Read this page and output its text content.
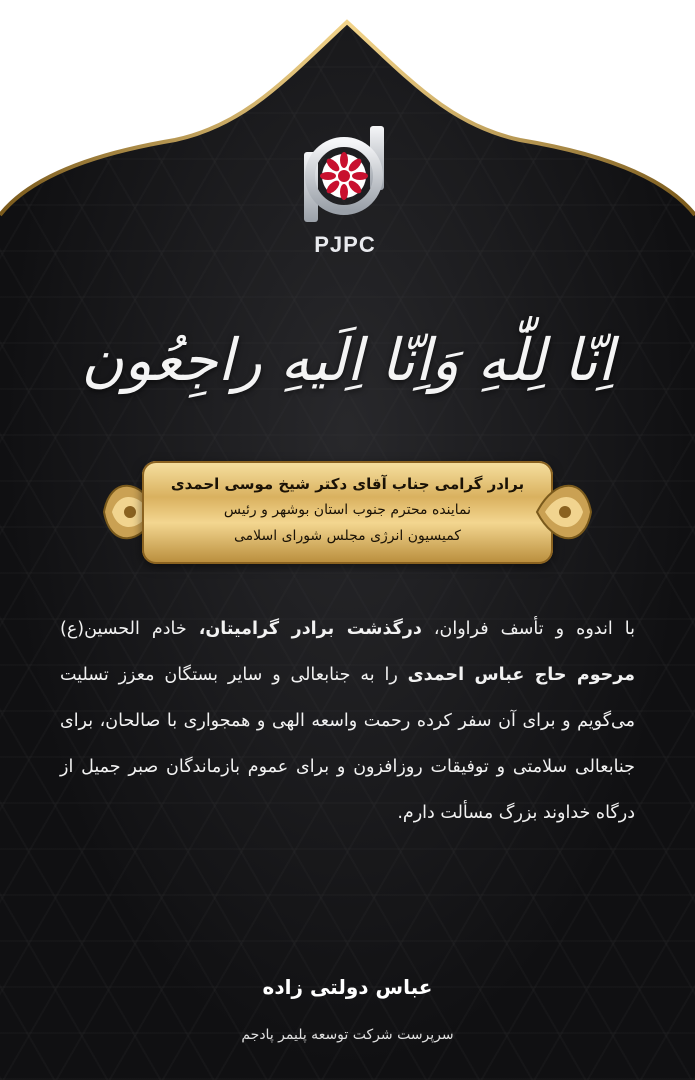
PJPC
اِنّا لِلّٰهِ وَاِنّا اِلَیهِ راجِعُون
برادر گرامی جناب آقای دکتر شیخ موسی احمدی
نماینده محترم جنوب استان بوشهر و رئیس
کمیسیون انرژی مجلس شورای اسلامی
با اندوه و تأسف فراوان، درگذشت برادر گرامیتان، خادم الحسین(ع) مرحوم حاج عباس احمدی را به جنابعالی و سایر بستگان معزز تسلیت می‌گویم و برای آن سفر کرده رحمت واسعه الهی و همجواری با صالحان، برای جنابعالی سلامتی و توفیقات روزافزون و برای عموم بازماندگان صبر جمیل از درگاه خداوند بزرگ مسألت دارم.
عباس دولتی زاده
سرپرست شرکت توسعه پلیمر پادجم
